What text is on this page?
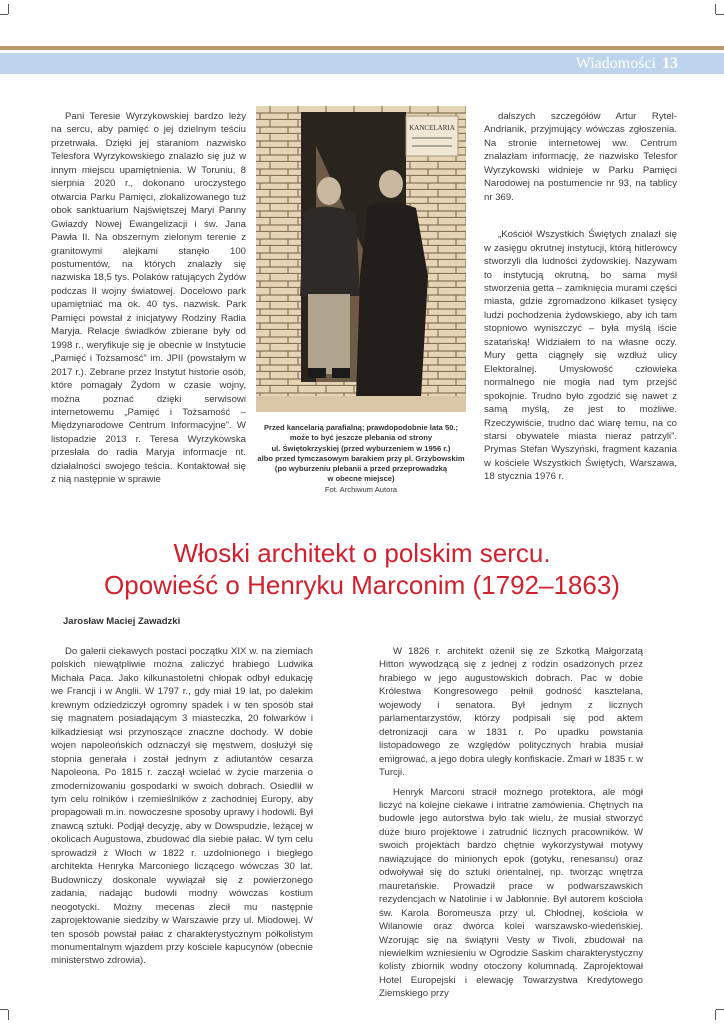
Wiadomości 13

Pani Teresie Wyrzykowskiej bardzo leży na sercu, aby pamięć o jej dzielnym teściu przetrwała. Dzięki jej staraniom nazwisko Telesfora Wyrzykowskiego znalazło się już w innym miejscu upamiętnienia. W Toruniu, 8 sierpnia 2020 r., dokonano uroczystego otwarcia Parku Pamięci, zlokalizowanego tuż obok sanktuarium Najświętszej Maryi Panny Gwiazdy Nowej Ewangelizacji i św. Jana Pawła II. Na obszernym zielonym terenie z granitowymi alejkami stanęło 100 postumentów, na których znalazły się nazwiska 18,5 tys. Polaków ratujących Żydów podczas II wojny światowej. Docelowo park upamiętniać ma ok. 40 tys. nazwisk. Park Pamięci powstał z inicjatywy Rodziny Radia Maryja. Relacje świadków zbierane były od 1998 r., weryfikuje się je obecnie w Instytucie „Pamięć i Tożsamość” im. JPII (powstałym w 2017 r.). Zebrane przez Instytut historie osób, które pomagały Żydom w czasie wojny, można poznać dzięki serwisowi internetowemu „Pamięć i Tożsamość – Międzynarodowe Centrum Informacyjne”. W listopadzie 2013 r. Teresa Wyrzykowska przesłała do radia Maryja informacje nt. działalności swojego teścia. Kontaktował się z nią następnie w sprawie

KANCELARIA
Przed kancelarią parafialną; prawdopodobnie lata 50.;
może to być jeszcze plebania od strony
ul. Świętokrzyskiej (przed wyburzeniem w 1956 r.)
albo przed tymczasowym barakiem przy pl. Grzybowskim
(po wyburzeniu plebanii a przed przeprowadzką
w obecne miejsce)
Fot. Archiwum Autora

dalszych szczegółów Artur Rytel-Andrianik, przyjmujący wówczas zgłoszenia. Na stronie internetowej ww. Centrum znalazłam informację, że nazwisko Telesfor Wyrzykowski widnieje w Parku Pamięci Narodowej na postumencie nr 93, na tablicy nr 369.

„Kościół Wszystkich Świętych znalazł się w zasięgu okrutnej instytucji, którą hitlerowcy stworzyli dla ludności żydowskiej. Nazywam to instytucją okrutną, bo sama myśl stworzenia getta – zamknięcia murami części miasta, gdzie zgromadzono kilkaset tysięcy ludzi pochodzenia żydowskiego, aby ich tam stopniowo wyniszczyć – była myślą iście szatańską! Widziałem to na własne oczy. Mury getta ciągnęły się wzdłuż ulicy Elektoralnej. Umysłowość człowieka normalnego nie mogła nad tym przejść spokojnie. Trudno było zgodzić się nawet z samą myślą, że jest to możliwe. Rzeczywiście, trudno dać wiarę temu, na co starsi obywatele miasta nieraz patrzyli”. Prymas Stefan Wyszyński, fragment kazania w kościele Wszystkich Świętych, Warszawa, 18 stycznia 1976 r.

Włoski architekt o polskim sercu.
Opowieść o Henryku Marconim (1792–1863)
Jarosław Maciej Zawadzki

Do galerii ciekawych postaci początku XIX w. na ziemiach polskich niewątpliwie można zaliczyć hrabiego Ludwika Michała Paca. Jako kilkunastoletni chłopak odbył edukację we Francji i w Anglii. W 1797 r., gdy miał 19 lat, po dalekim krewnym odziedziczył ogromny spadek i w ten sposób stał się magnatem posiadającym 3 miasteczka, 20 folwarków i kilkadziesiąt wsi przynoszące znaczne dochody. W dobie wojen napoleońskich odznaczył się męstwem, dosłużył się stopnia generała i został jednym z adiutantów cesarza Napoleona. Po 1815 r. zaczął wcielać w życie marzenia o zmodernizowaniu gospodarki w swoich dobrach. Osiedlił w tym celu rolników i rzemieślników z zachodniej Europy, aby propagowali m.in. nowoczesne sposoby uprawy i hodowli. Był znawcą sztuki. Podjął decyzję, aby w Dowspudzie, leżącej w okolicach Augustowa, zbudować dla siebie pałac. W tym celu sprowadził z Włoch w 1822 r. uzdolnionego i biegłego architekta Henryka Marconiego liczącego wówczas 30 lat. Budowniczy doskonale wywiązał się z powierzonego zadania, nadając budowli modny wówczas kostium neogotycki. Możny mecenas zlecił mu następnie zaprojektowanie siedziby w Warszawie przy ul. Miodowej. W ten sposób powstał pałac z charakterystycznym półkolistym monumentalnym wjazdem przy kościele kapucynów (obecnie ministerstwo zdrowia).

W 1826 r. architekt ożenił się ze Szkotką Małgorzatą Hitton wywodzącą się z jednej z rodzin osadzonych przez hrabiego w jego augustowskich dobrach. Pac w dobie Królestwa Kongresowego pełnił godność kasztelana, wojewody i senatora. Był jednym z licznych parlamentarzystów, którzy podpisali się pod aktem detronizacji cara w 1831 r. Po upadku powstania listopadowego ze względów politycznych hrabia musiał emigrować, a jego dobra uległy konfiskacie. Zmarł w 1835 r. w Turcji.

Henryk Marconi stracił możnego protektora, ale mógł liczyć na kolejne ciekawe i intratne zamówienia. Chętnych na budowle jego autorstwa było tak wielu, że musiał stworzyć duże biuro projektowe i zatrudnić licznych pracowników. W swoich projektach bardzo chętnie wykorzystywał motywy nawiązujące do minionych epok (gotyku, renesansu) oraz odwoływał się do sztuki orientalnej, np. tworząc wnętrza mauretańskie. Prowadził prace w podwarszawskich rezydencjach w Natolinie i w Jabłonnie. Był autorem kościoła św. Karola Boromeusza przy ul. Chłodnej, kościoła w Wilanowie oraz dworca kolei warszawsko-wiedeńskiej. Wzorując się na świątyni Vesty w Tivoli, zbudował na niewielkim wzniesieniu w Ogrodzie Saskim charakterystyczny kolisty zbiornik wodny otoczony kolumnadą. Zaprojektował Hotel Europejski i elewację Towarzystwa Kredytowego Ziemskiego przy
